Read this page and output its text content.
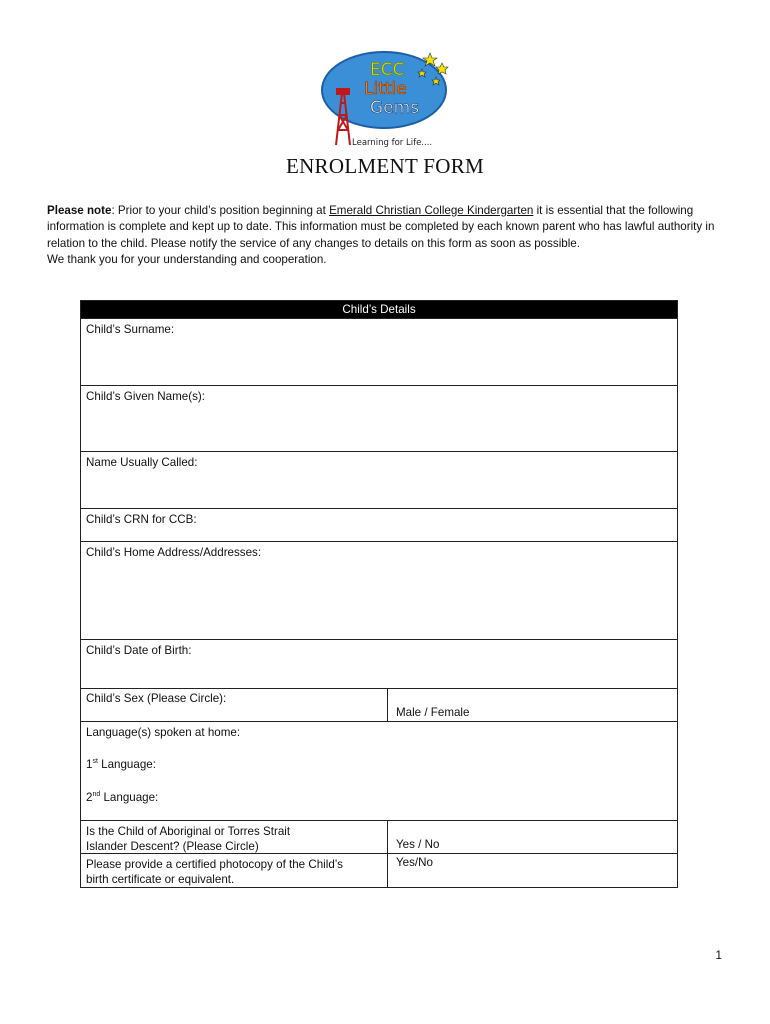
ECC
Little
Gems
Learning for Life....
ENROLMENT FORM
Please note: Prior to your child’s position beginning at Emerald Christian College Kindergarten it is essential that the following information is complete and kept up to date. This information must be completed by each known parent who has lawful authority in relation to the child. Please notify the service of any changes to details on this form as soon as possible.
We thank you for your understanding and cooperation.
Child’s Details
Child’s Surname:
Child’s Given Name(s):
Name Usually Called:
Child’s CRN for CCB:
Child’s Home Address/Addresses:
Child’s Date of Birth:
Child’s Sex (Please Circle):
Male / Female
Language(s) spoken at home:
1st Language:
2nd Language:
Is the Child of Aboriginal or Torres Strait
Islander Descent? (Please Circle)	Yes / No
Please provide a certified photocopy of the Child’s
birth certificate or equivalent.
Yes/No
1
